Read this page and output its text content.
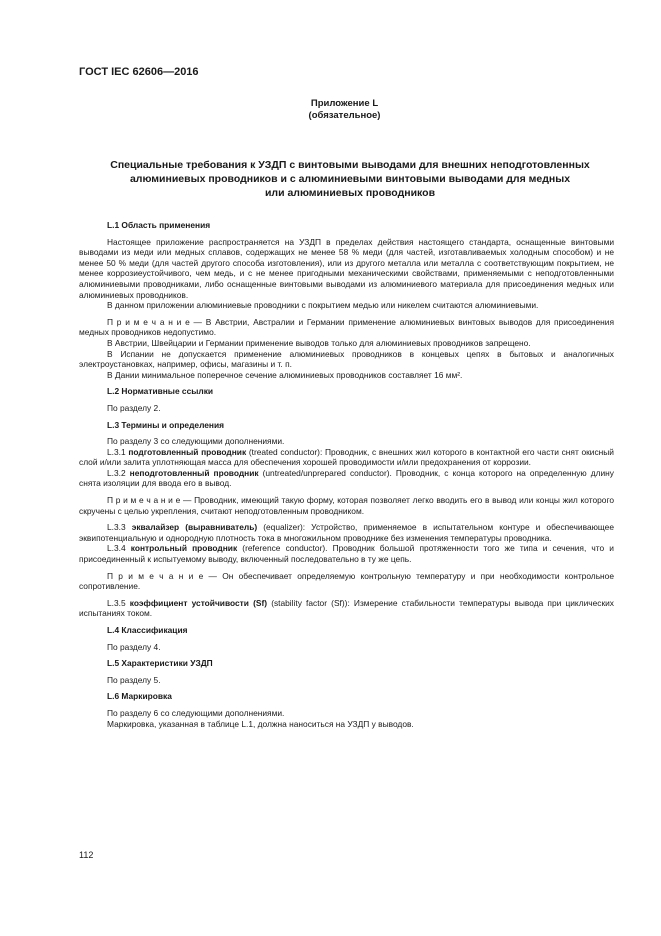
ГОСТ IEC 62606—2016
Приложение L
(обязательное)
Специальные требования к УЗДП с винтовыми выводами для внешних неподготовленных
алюминиевых проводников и с алюминиевыми винтовыми выводами для медных
или алюминиевых проводников

L.1 Область применения

Настоящее приложение распространяется на УЗДП в пределах действия настоящего стандарта, оснащенные винтовыми выводами из меди или медных сплавов, содержащих не менее 58 % меди (для частей, изготавливаемых холодным способом) и не менее 50 % меди (для частей другого способа изготовления), или из другого металла или металла с соответствующим покрытием, не менее коррозиеустойчивого, чем медь, и с не менее пригодными механическими свойствами, применяемыми с неподготовленными алюминиевыми проводниками, либо оснащенные винтовыми выводами из алюминиевого материала для присоединения медных или алюминиевых проводников.

В данном приложении алюминиевые проводники с покрытием медью или никелем считаются алюминиевыми.

П р и м е ч а н и е — В Австрии, Австралии и Германии применение алюминиевых винтовых выводов для присоединения медных проводников недопустимо.

В Австрии, Швейцарии и Германии применение выводов только для алюминиевых проводников запрещено.

В Испании не допускается применение алюминиевых проводников в концевых цепях в бытовых и аналогичных электроустановках, например, офисы, магазины и т. п.

В Дании минимальное поперечное сечение алюминиевых проводников составляет 16 мм².

L.2 Нормативные ссылки

По разделу 2.

L.3 Термины и определения

По разделу 3 со следующими дополнениями.

L.3.1 подготовленный проводник (treated conductor): Проводник, с внешних жил которого в контактной его части снят окисный слой и/или залита уплотняющая масса для обеспечения хорошей проводимости и/или предохранения от коррозии.

L.3.2 неподготовленный проводник (untreated/unprepared conductor). Проводник, с конца которого на определенную длину снята изоляции для ввода его в вывод.

П р и м е ч а н и е — Проводник, имеющий такую форму, которая позволяет легко вводить его в вывод или концы жил которого скручены с целью укрепления, считают неподготовленным проводником.

L.3.3 эквалайзер (выравниватель) (equalizer): Устройство, применяемое в испытательном контуре и обеспечивающее эквипотенциальную и однородную плотность тока в многожильном проводнике без изменения температуры проводника.

L.3.4 контрольный проводник (reference conductor). Проводник большой протяженности того же типа и сечения, что и присоединенный к испытуемому выводу, включенный последовательно в ту же цепь.

П р и м е ч а н и е — Он обеспечивает определяемую контрольную температуру и при необходимости контрольное сопротивление.

L.3.5 коэффициент устойчивости (Sf) (stability factor (Sf)): Измерение стабильности температуры вывода при циклических испытаниях током.

L.4 Классификация

По разделу 4.

L.5 Характеристики УЗДП

По разделу 5.

L.6 Маркировка

По разделу 6 со следующими дополнениями.

Маркировка, указанная в таблице L.1, должна наноситься на УЗДП у выводов.

112
